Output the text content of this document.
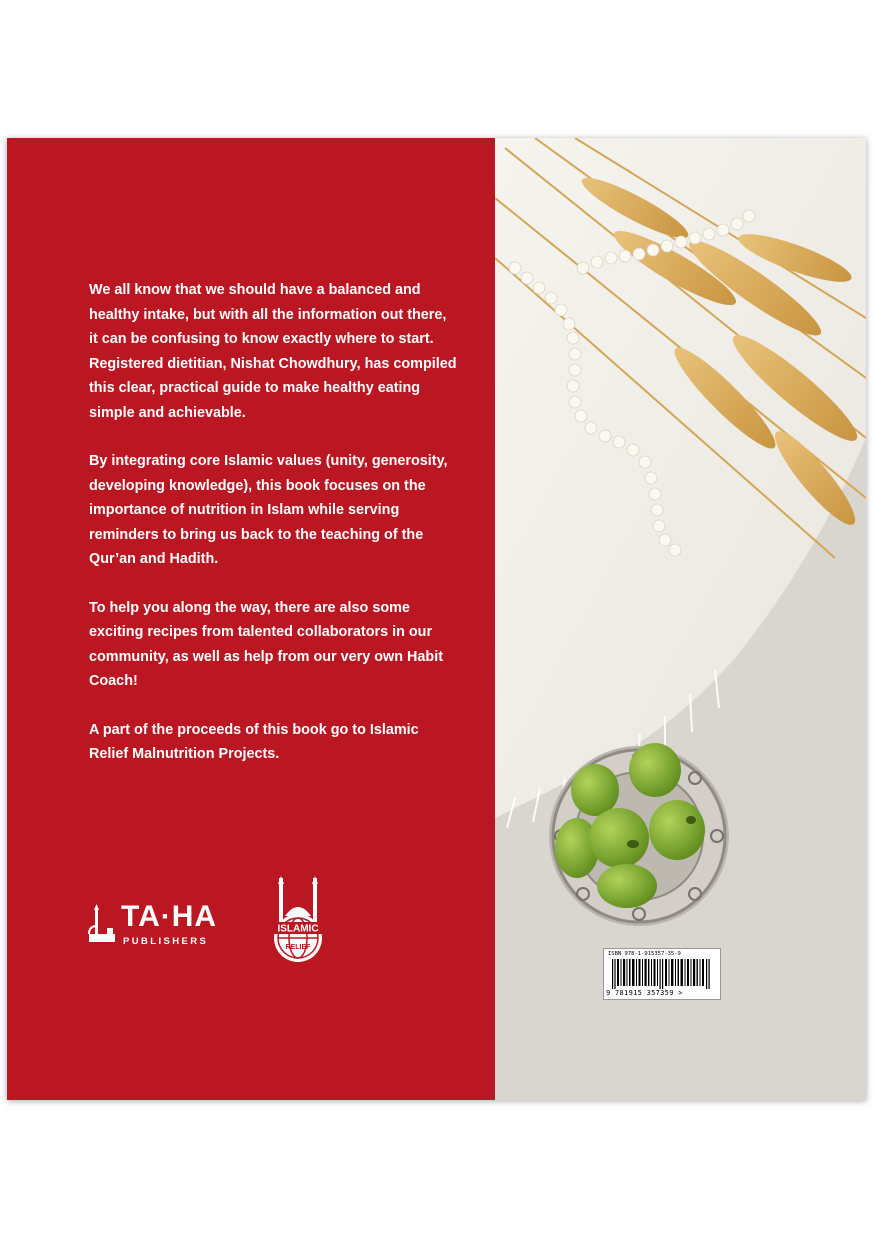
We all know that we should have a balanced and healthy intake, but with all the information out there, it can be confusing to know exactly where to start. Registered dietitian, Nishat Chowdhury, has compiled this clear, practical guide to make healthy eating simple and achievable.

By integrating core Islamic values (unity, generosity, developing knowledge), this book focuses on the importance of nutrition in Islam while serving reminders to bring us back to the teaching of the Qur’an and Hadith.

To help you along the way, there are also some exciting recipes from talented collaborators in our community, as well as help from our very own Habit Coach!

A part of the proceeds of this book go to Islamic Relief Malnutrition Projects.

TA·HA
PUBLISHERS
ISLAMIC
RELIEF
ISBN 978-1-915357-35-9
9 781915 357359 >
